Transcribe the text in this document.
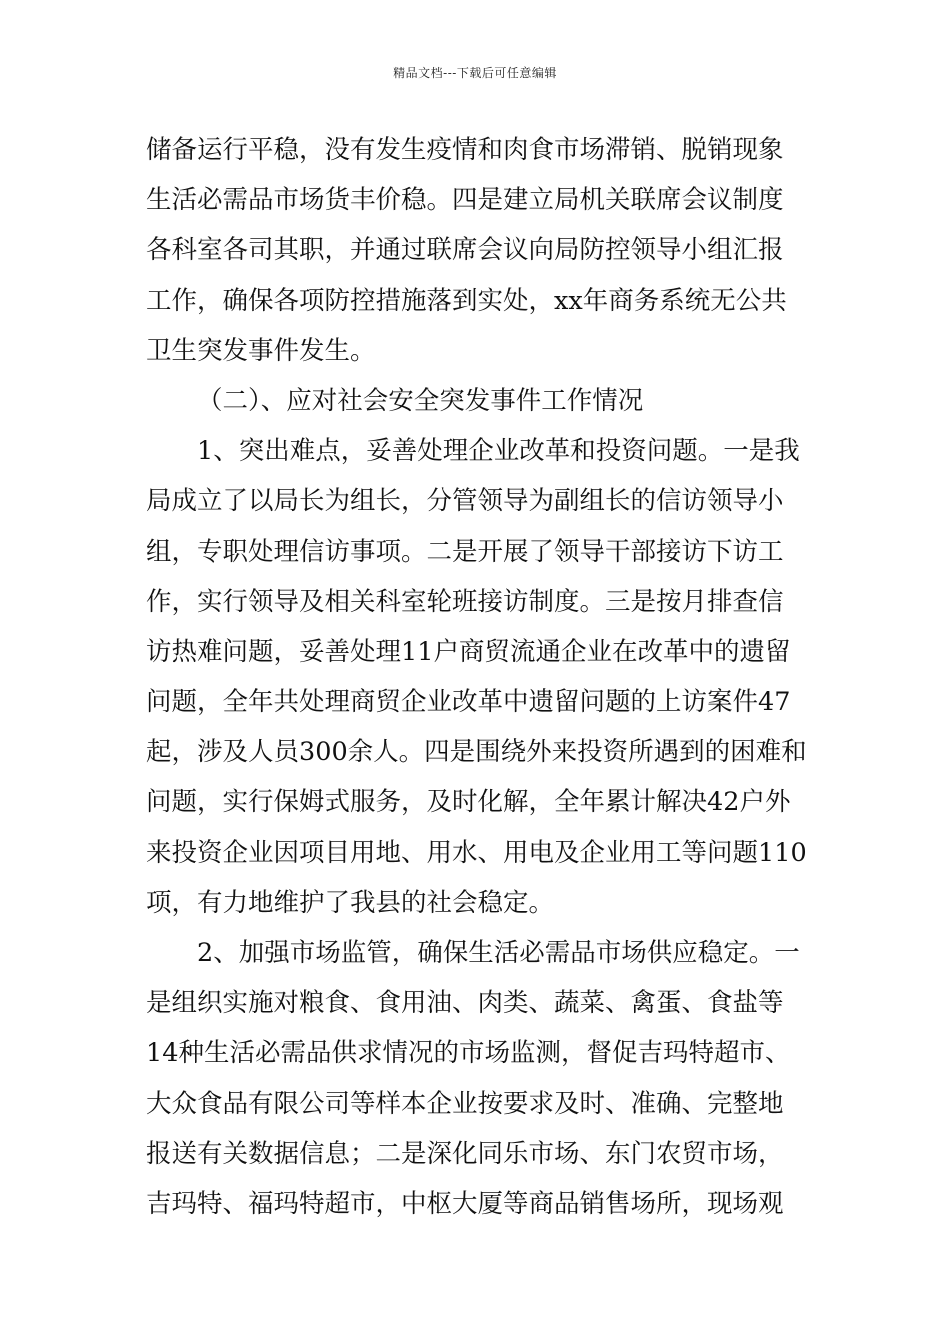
精品文档---下载后可任意编辑
储备运行平稳，没有发生疫情和肉食市场滞销、脱销现象
生活必需品市场货丰价稳。四是建立局机关联席会议制度
各科室各司其职，并通过联席会议向局防控领导小组汇报
工作，确保各项防控措施落到实处，xx年商务系统无公共
卫生突发事件发生。
（二）、应对社会安全突发事件工作情况
1、突出难点，妥善处理企业改革和投资问题。一是我
局成立了以局长为组长，分管领导为副组长的信访领导小
组，专职处理信访事项。二是开展了领导干部接访下访工
作，实行领导及相关科室轮班接访制度。三是按月排查信
访热难问题，妥善处理11户商贸流通企业在改革中的遗留
问题，全年共处理商贸企业改革中遗留问题的上访案件47
起，涉及人员300余人。四是围绕外来投资所遇到的困难和
问题，实行保姆式服务，及时化解，全年累计解决42户外
来投资企业因项目用地、用水、用电及企业用工等问题110
项，有力地维护了我县的社会稳定。
2、加强市场监管，确保生活必需品市场供应稳定。一
是组织实施对粮食、食用油、肉类、蔬菜、禽蛋、食盐等
14种生活必需品供求情况的市场监测，督促吉玛特超市、
大众食品有限公司等样本企业按要求及时、准确、完整地
报送有关数据信息；二是深化同乐市场、东门农贸市场，
吉玛特、福玛特超市，中枢大厦等商品销售场所，现场观
